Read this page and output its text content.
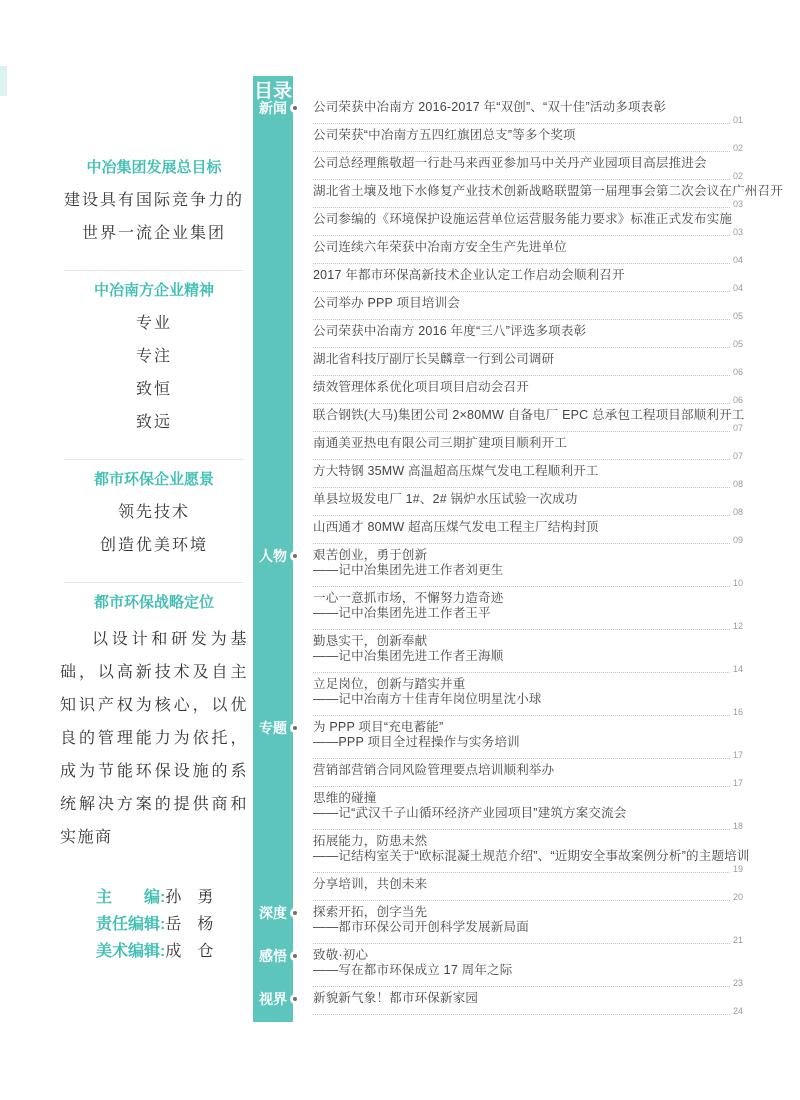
中冶集团发展总目标
建设具有国际竞争力的
世界一流企业集团
中冶南方企业精神
专业
专注
致恒
致远
都市环保企业愿景
领先技术
创造优美环境
都市环保战略定位
以设计和研发为基础，以高新技术及自主知识产权为核心，以优良的管理能力为依托，成为节能环保设施的系统解决方案的提供商和实施商
主　　编:孙　勇
责任编辑:岳　杨
美术编辑:成　仓
目录
公司荣获中冶南方 2016-2017 年“双创”、“双十佳”活动多项表彰
01
公司荣获“中冶南方五四红旗团总支”等多个奖项
02
公司总经理熊敬超一行赴马来西亚参加马中关丹产业园项目高层推进会
02
湖北省土壤及地下水修复产业技术创新战略联盟第一届理事会第二次会议在广州召开
03
公司参编的《环境保护设施运营单位运营服务能力要求》标准正式发布实施
03
公司连续六年荣获中冶南方安全生产先进单位
04
2017 年都市环保高新技术企业认定工作启动会顺利召开
04
公司举办 PPP 项目培训会
05
公司荣获中冶南方 2016 年度“三八”评选多项表彰
05
湖北省科技厅副厅长吴麟章一行到公司调研
06
绩效管理体系优化项目项目启动会召开
06
联合钢铁(大马)集团公司 2×80MW 自备电厂 EPC 总承包工程项目部顺利开工
07
南通美亚热电有限公司三期扩建项目顺利开工
07
方大特钢 35MW 高温超高压煤气发电工程顺利开工
08
单县垃圾发电厂 1#、2# 锅炉水压试验一次成功
08
山西通才 80MW 超高压煤气发电工程主厂结构封顶
09
艰苦创业，勇于创新
——记中冶集团先进工作者刘更生
10
一心一意抓市场，不懈努力造奇迹
——记中冶集团先进工作者王平
12
勤恳实干，创新奉献
——记中冶集团先进工作者王海顺
14
立足岗位，创新与踏实并重
——记中冶南方十佳青年岗位明星沈小球
16
为 PPP 项目“充电蓄能”
——PPP 项目全过程操作与实务培训
17
营销部营销合同风险管理要点培训顺利举办
17
思维的碰撞
——记“武汉千子山循环经济产业园项目”建筑方案交流会
18
拓展能力，防患未然
——记结构室关于“欧标混凝土规范介绍”、“近期安全事故案例分析”的主题培训
19
分享培训，共创未来
20
探索开拓，创字当先
——都市环保公司开创科学发展新局面
21
致敬·初心
——写在都市环保成立 17 周年之际
23
新貌新气象！都市环保新家园
24
新闻
人物
专题
深度
感悟
视界
